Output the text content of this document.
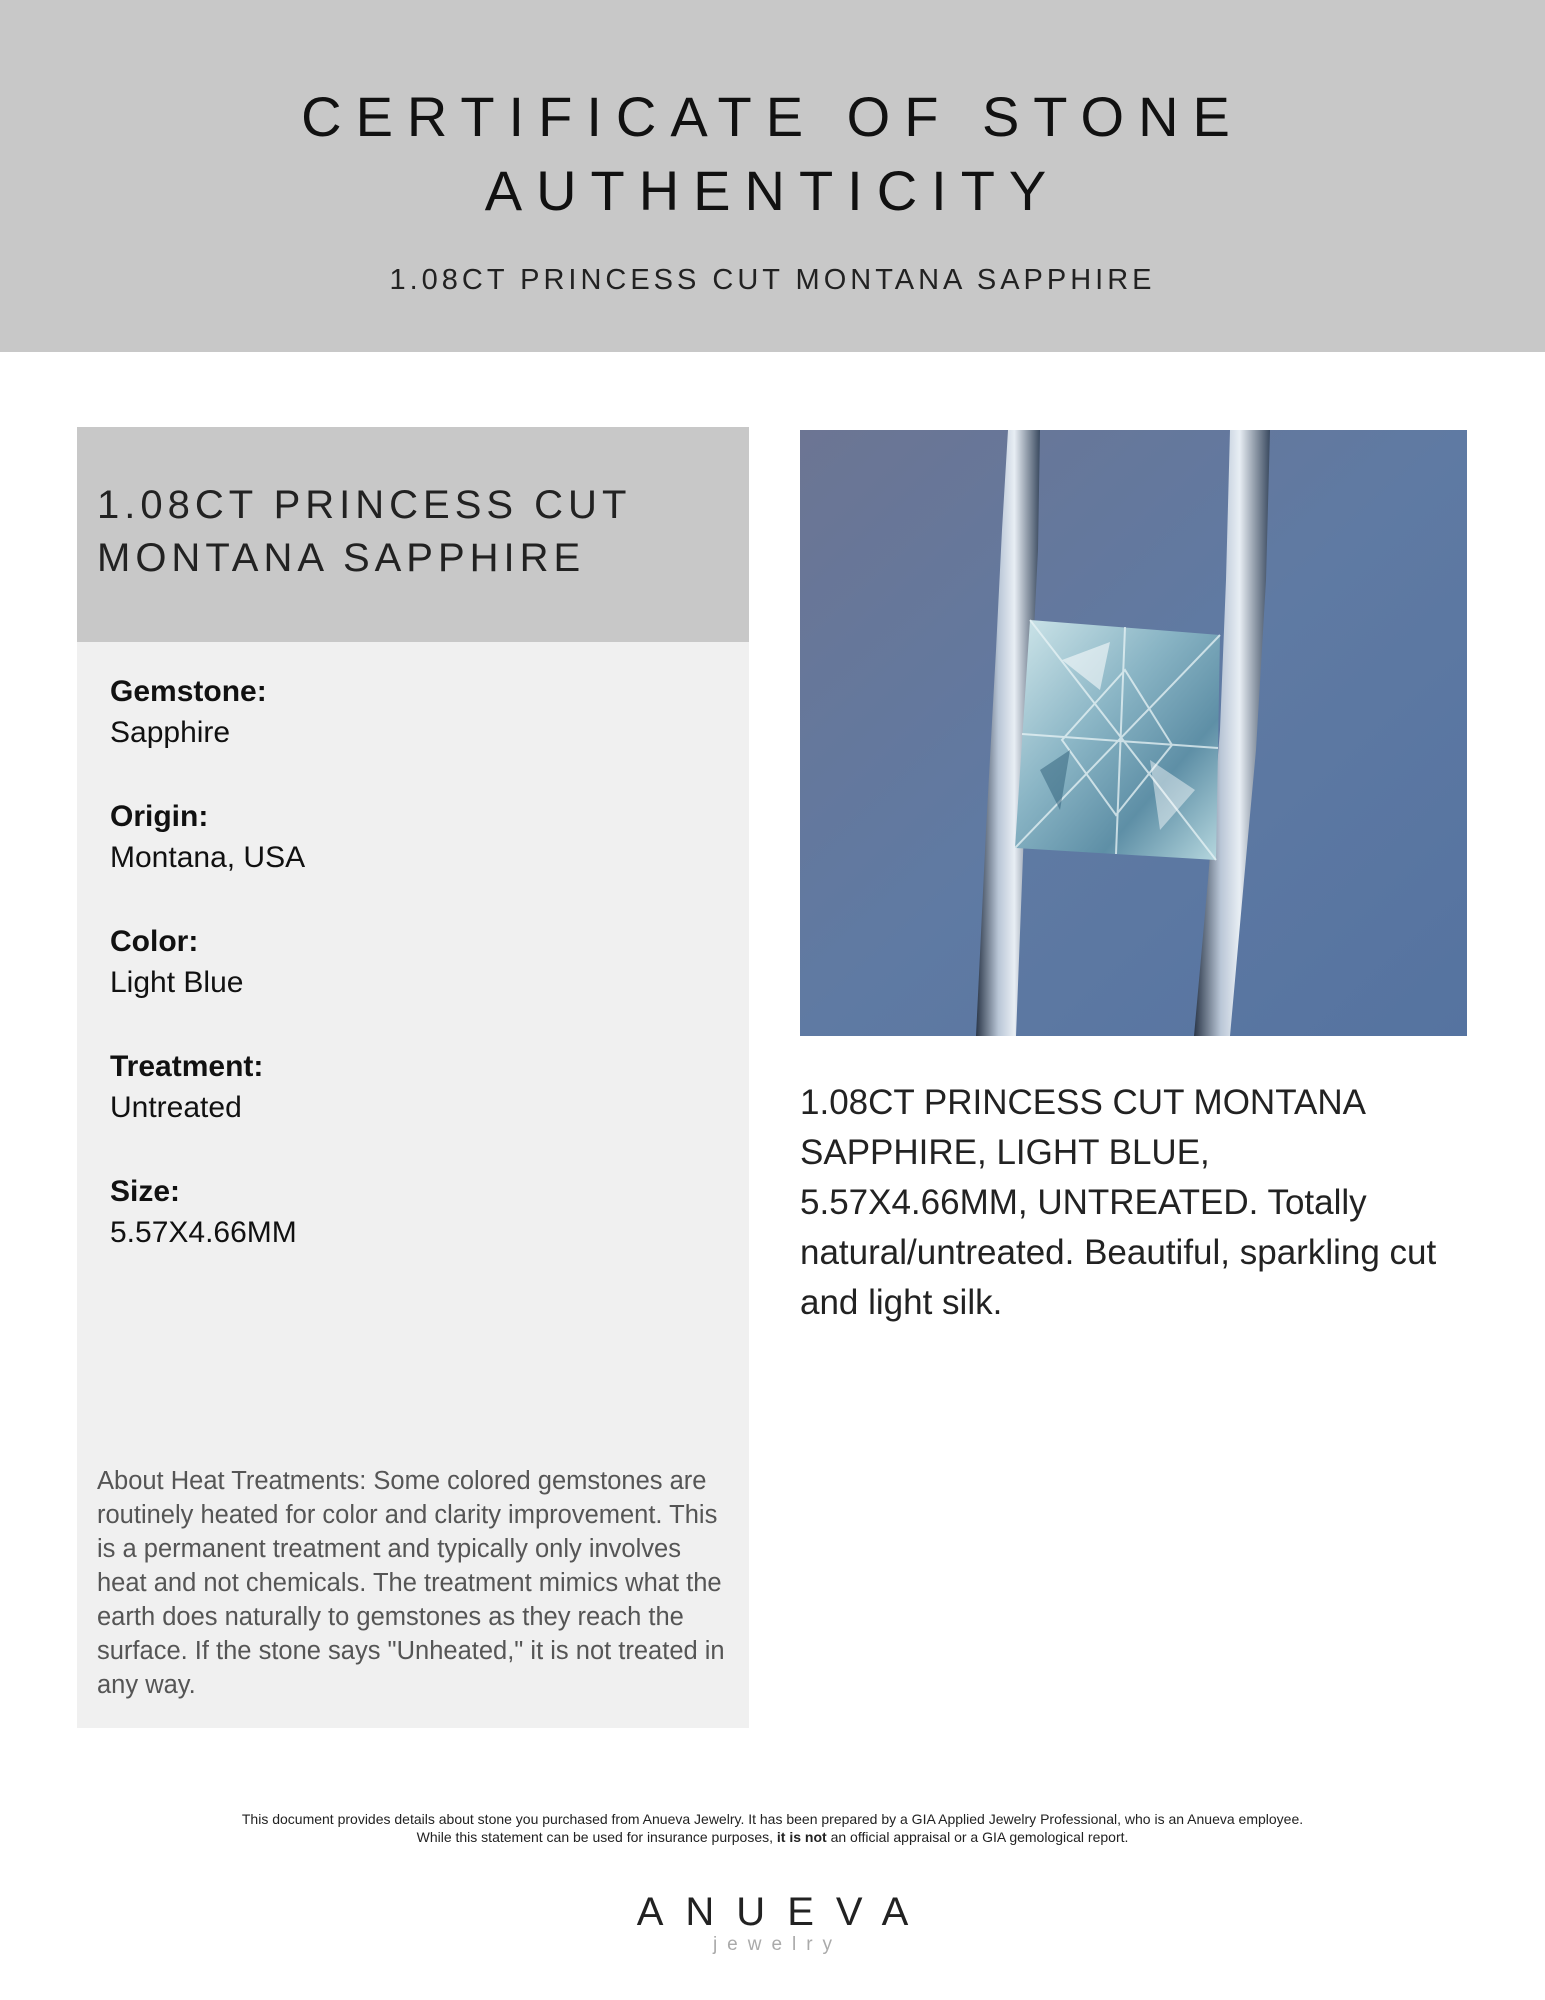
CERTIFICATE OF STONE
AUTHENTICITY
1.08CT PRINCESS CUT MONTANA SAPPHIRE
1.08CT PRINCESS CUT
MONTANA SAPPHIRE
Gemstone:
Sapphire
Origin:
Montana, USA
Color:
Light Blue
Treatment:
Untreated
Size:
5.57X4.66MM
About Heat Treatments: Some colored gemstones are routinely heated for color and clarity improvement. This is a permanent treatment and typically only involves heat and not chemicals. The treatment mimics what the earth does naturally to gemstones as they reach the surface. If the stone says "Unheated," it is not treated in any way.
1.08CT PRINCESS CUT MONTANA SAPPHIRE, LIGHT BLUE, 5.57X4.66MM, UNTREATED. Totally natural/untreated. Beautiful, sparkling cut and light silk.
This document provides details about stone you purchased from Anueva Jewelry. It has been prepared by a GIA Applied Jewelry Professional, who is an Anueva employee.
While this statement can be used for insurance purposes, it is not an official appraisal or a GIA gemological report.
ANUEVA
jewelry
